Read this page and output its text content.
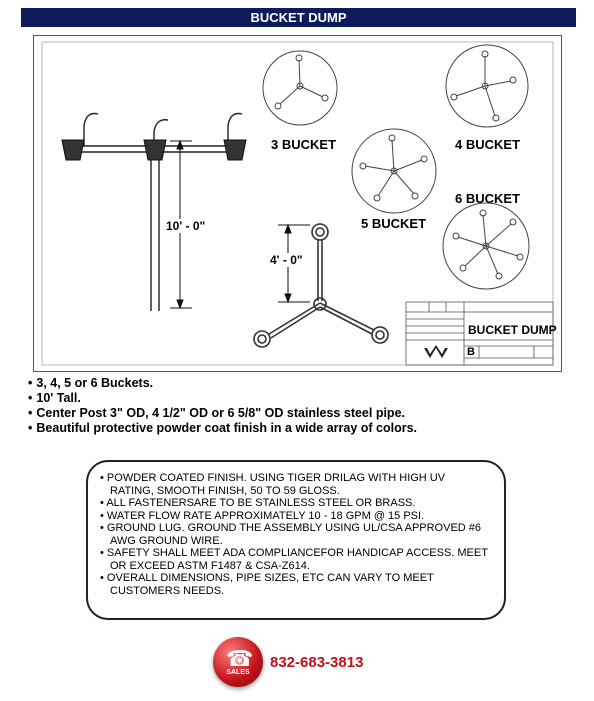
BUCKET DUMP
3 BUCKET	4 BUCKET
5 BUCKET
6 BUCKET
10' - 0"
4' - 0"
BUCKET DUMP
B
• 3, 4, 5 or 6 Buckets.
• 10' Tall.
• Center Post 3" OD, 4 1/2" OD or 6 5/8" OD stainless steel pipe.
• Beautiful protective powder coat finish in a wide array of colors.
• POWDER COATED FINISH. USING TIGER DRILAG WITH HIGH UV RATING, SMOOTH FINISH, 50 TO 59 GLOSS.
• ALL FASTENERSARE TO BE STAINLESS STEEL OR BRASS.
• WATER FLOW RATE APPROXIMATELY 10 - 18 GPM @ 15 PSI.
• GROUND LUG. GROUND THE ASSEMBLY USING UL/CSA APPROVED #6 AWG GROUND WIRE.
• SAFETY SHALL MEET ADA COMPLIANCEFOR HANDICAP ACCESS. MEET OR EXCEED ASTM F1487 & CSA-Z614.
• OVERALL DIMENSIONS, PIPE SIZES, ETC CAN VARY TO MEET CUSTOMERS NEEDS.
☎
SALES
832-683-3813
